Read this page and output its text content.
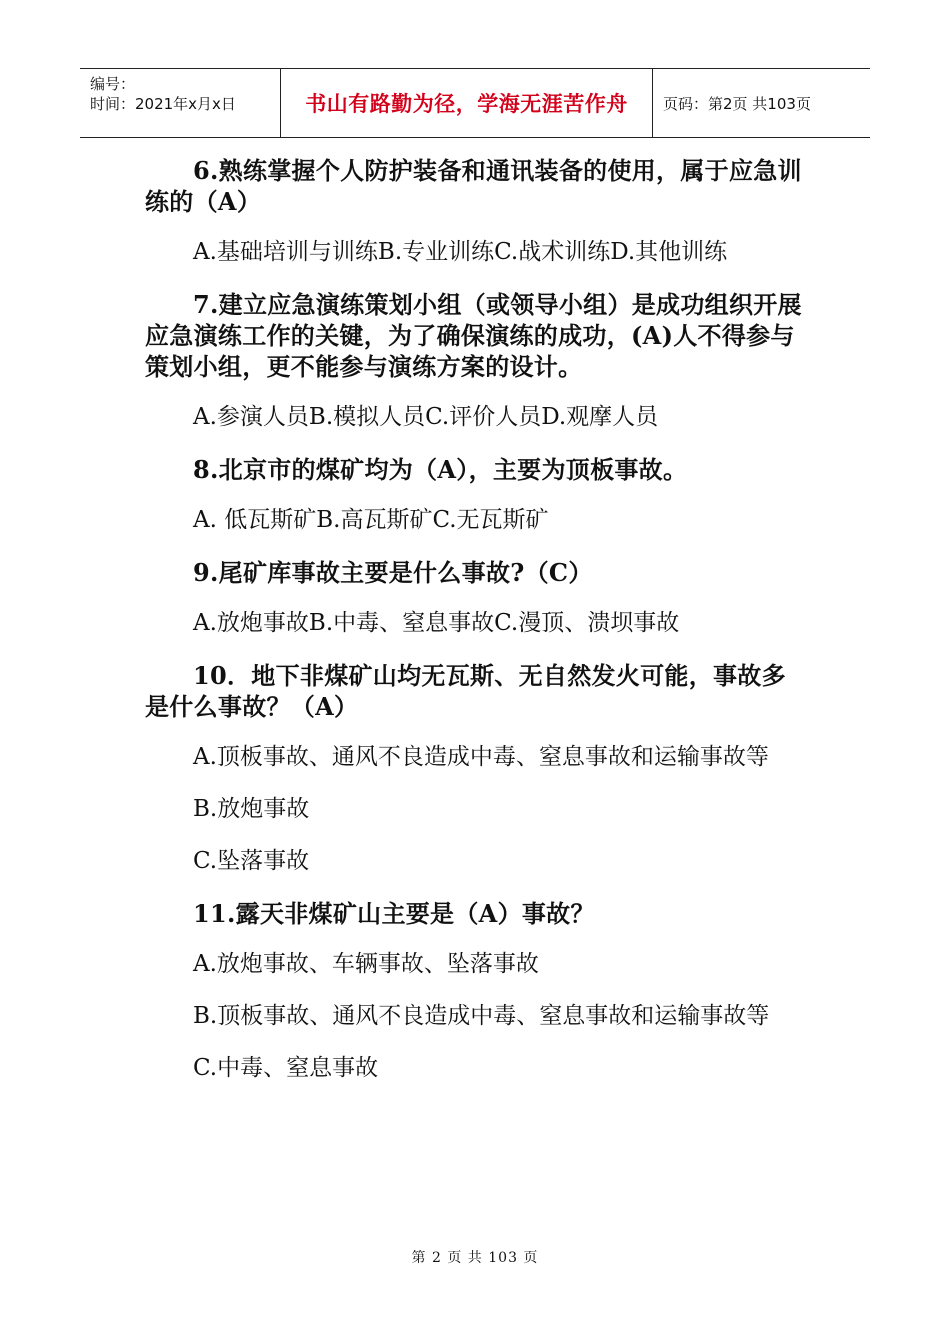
编号：
时间：2021年x月x日	书山有路勤为径，学海无涯苦作舟	页码：第2页 共103页

6.熟练掌握个人防护装备和通讯装备的使用，属于应急训练的（A）

A.基础培训与训练B.专业训练C.战术训练D.其他训练

7.建立应急演练策划小组（或领导小组）是成功组织开展应急演练工作的关键，为了确保演练的成功，(A)人不得参与策划小组，更不能参与演练方案的设计。

A.参演人员B.模拟人员C.评价人员D.观摩人员

8.北京市的煤矿均为（A），主要为顶板事故。

A. 低瓦斯矿B.高瓦斯矿C.无瓦斯矿

9.尾矿库事故主要是什么事故?（C）

A.放炮事故B.中毒、窒息事故C.漫顶、溃坝事故

10．地下非煤矿山均无瓦斯、无自然发火可能，事故多是什么事故？（A）

A.顶板事故、通风不良造成中毒、窒息事故和运输事故等

B.放炮事故

C.坠落事故

11.露天非煤矿山主要是（A）事故？

A.放炮事故、车辆事故、坠落事故

B.顶板事故、通风不良造成中毒、窒息事故和运输事故等

C.中毒、窒息事故

第 2 页 共 103 页
